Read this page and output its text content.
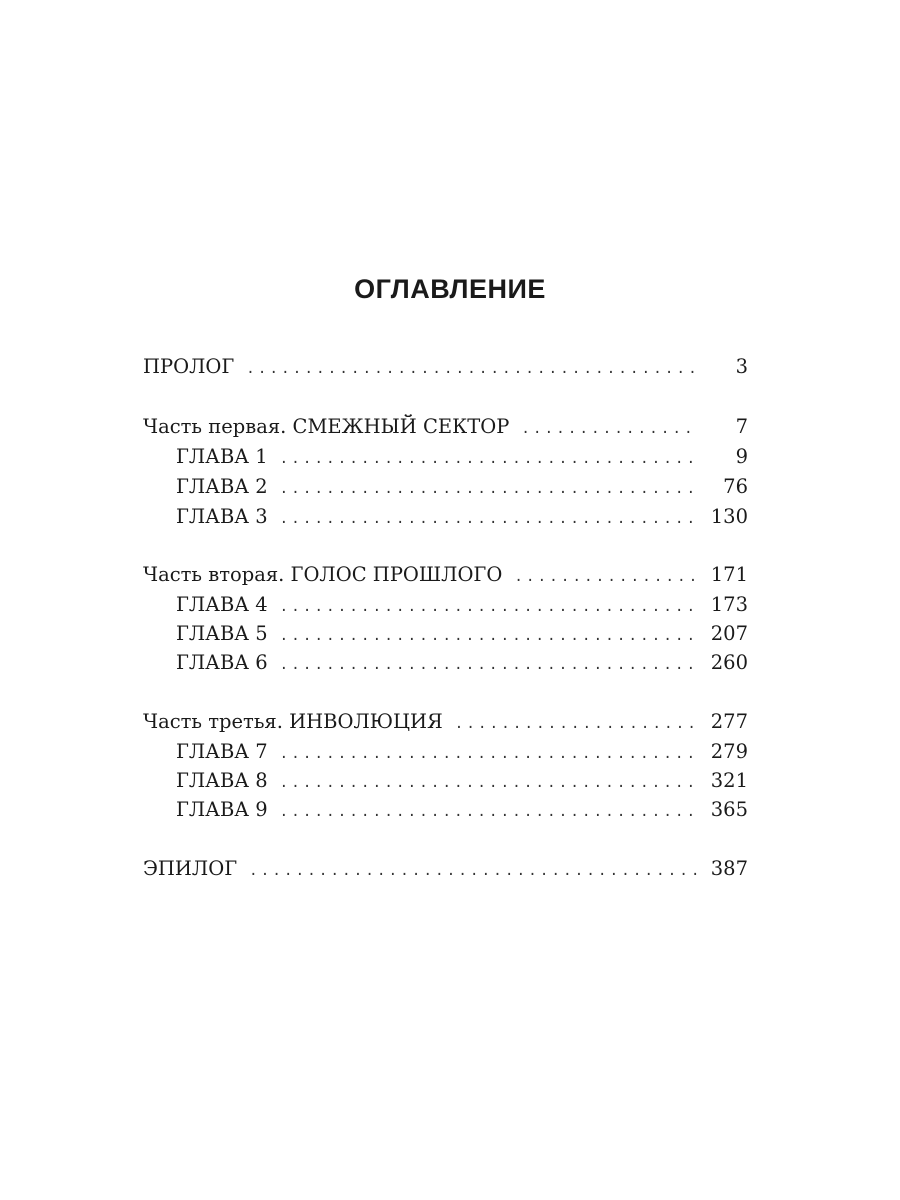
ОГЛАВЛЕНИЕ
ПРОЛОГ .....	3
Часть первая. СМЕЖНЫЙ СЕКТОР .....	7
ГЛАВА 1 .....	9
ГЛАВА 2 .....	76
ГЛАВА 3 .....	130
Часть вторая. ГОЛОС ПРОШЛОГО .....	171
ГЛАВА 4 .....	173
ГЛАВА 5 .....	207
ГЛАВА 6 .....	260
Часть третья. ИНВОЛЮЦИЯ .....	277
ГЛАВА 7 .....	279
ГЛАВА 8 .....	321
ГЛАВА 9 .....	365
ЭПИЛОГ .....	387
